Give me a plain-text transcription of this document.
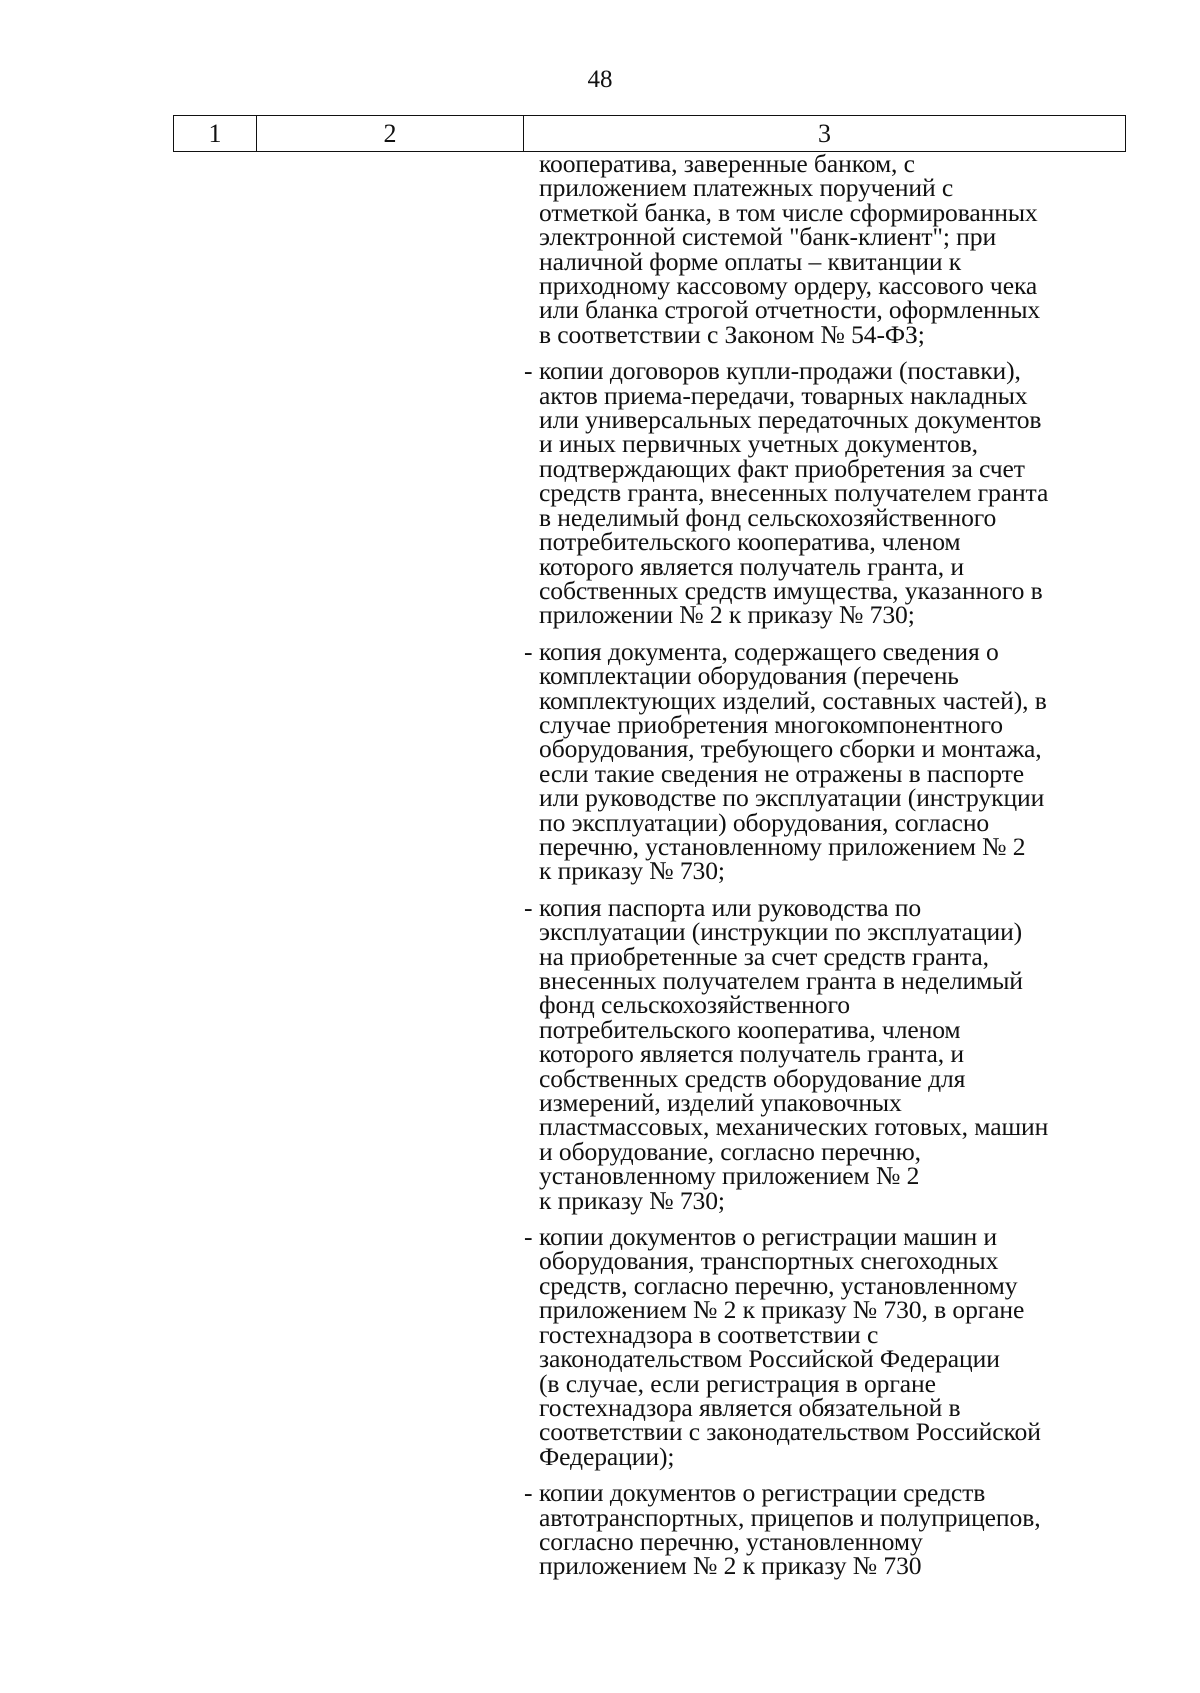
48
1	2	3
кооператива, заверенные банком, с
приложением платежных поручений с
отметкой банка, в том числе сформированных
электронной системой "банк-клиент"; при
наличной форме оплаты – квитанции к
приходному кассовому ордеру, кассового чека
или бланка строгой отчетности, оформленных
в соответствии с Законом № 54-ФЗ;
- копии договоров купли-продажи (поставки),
актов приема-передачи, товарных накладных
или универсальных передаточных документов
и иных первичных учетных документов,
подтверждающих факт приобретения за счет
средств гранта, внесенных получателем гранта
в неделимый фонд сельскохозяйственного
потребительского кооператива, членом
которого является получатель гранта, и
собственных средств имущества, указанного в
приложении № 2 к приказу № 730;
- копия документа, содержащего сведения о
комплектации оборудования (перечень
комплектующих изделий, составных частей), в
случае приобретения многокомпонентного
оборудования, требующего сборки и монтажа,
если такие сведения не отражены в паспорте
или руководстве по эксплуатации (инструкции
по эксплуатации) оборудования, согласно
перечню, установленному приложением № 2
к приказу № 730;
- копия паспорта или руководства по
эксплуатации (инструкции по эксплуатации)
на приобретенные за счет средств гранта,
внесенных получателем гранта в неделимый
фонд сельскохозяйственного
потребительского кооператива, членом
которого является получатель гранта, и
собственных средств оборудование для
измерений, изделий упаковочных
пластмассовых, механических готовых, машин
и оборудование, согласно перечню,
установленному приложением № 2
к приказу № 730;
- копии документов о регистрации машин и
оборудования, транспортных снегоходных
средств, согласно перечню, установленному
приложением № 2 к приказу № 730, в органе
гостехнадзора в соответствии с
законодательством Российской Федерации
(в случае, если регистрация в органе
гостехнадзора является обязательной в
соответствии с законодательством Российской
Федерации);
- копии документов о регистрации средств
автотранспортных, прицепов и полуприцепов,
согласно перечню, установленному
приложением № 2 к приказу № 730
